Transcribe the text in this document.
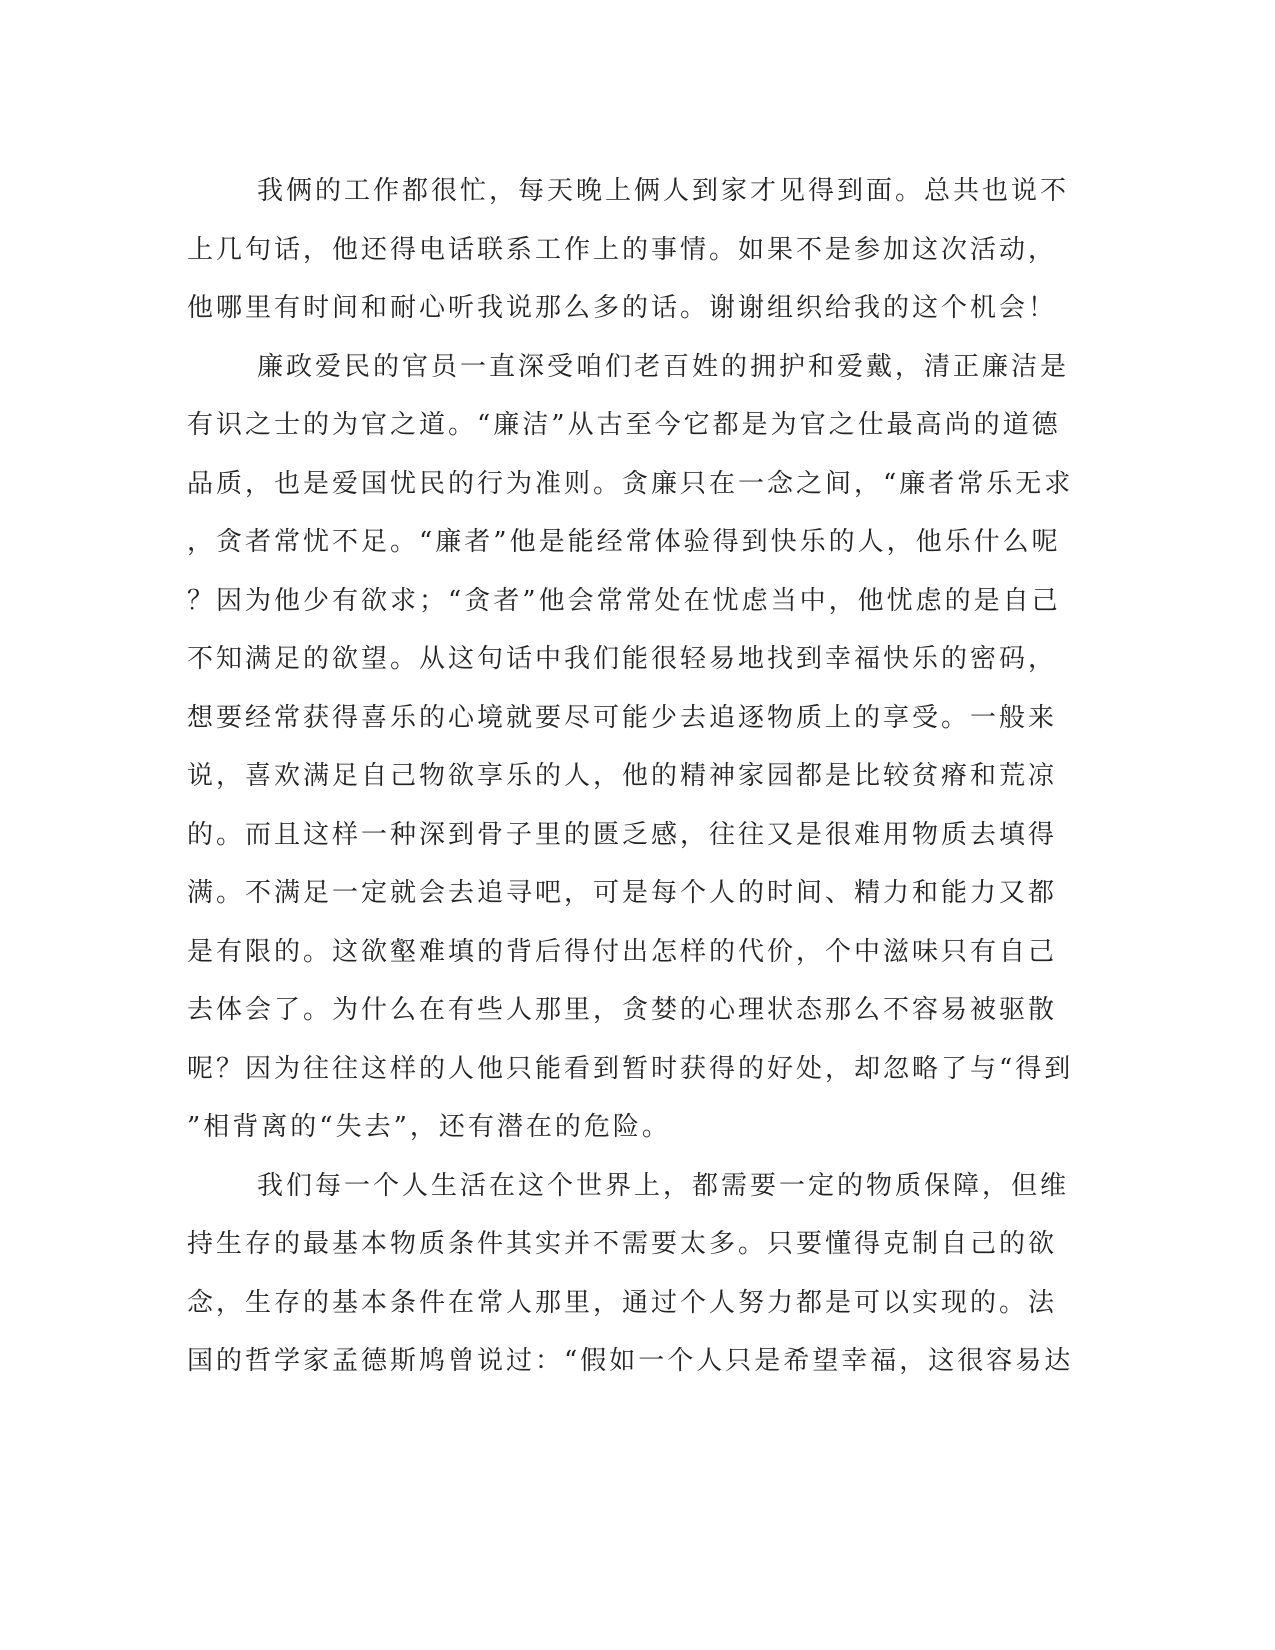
我俩的工作都很忙，每天晚上俩人到家才见得到面。总共也说不
上几句话，他还得电话联系工作上的事情。如果不是参加这次活动，
他哪里有时间和耐心听我说那么多的话。谢谢组织给我的这个机会！
廉政爱民的官员一直深受咱们老百姓的拥护和爱戴，清正廉洁是
有识之士的为官之道。“廉洁”从古至今它都是为官之仕最高尚的道德
品质，也是爱国忧民的行为准则。贪廉只在一念之间，“廉者常乐无求
，贪者常忧不足。“廉者”他是能经常体验得到快乐的人，他乐什么呢
？因为他少有欲求；“贪者”他会常常处在忧虑当中，他忧虑的是自己
不知满足的欲望。从这句话中我们能很轻易地找到幸福快乐的密码，
想要经常获得喜乐的心境就要尽可能少去追逐物质上的享受。一般来
说，喜欢满足自己物欲享乐的人，他的精神家园都是比较贫瘠和荒凉
的。而且这样一种深到骨子里的匮乏感，往往又是很难用物质去填得
满。不满足一定就会去追寻吧，可是每个人的时间、精力和能力又都
是有限的。这欲壑难填的背后得付出怎样的代价，个中滋味只有自己
去体会了。为什么在有些人那里，贪婪的心理状态那么不容易被驱散
呢？因为往往这样的人他只能看到暂时获得的好处，却忽略了与“得到
”相背离的“失去”，还有潜在的危险。
我们每一个人生活在这个世界上，都需要一定的物质保障，但维
持生存的最基本物质条件其实并不需要太多。只要懂得克制自己的欲
念，生存的基本条件在常人那里，通过个人努力都是可以实现的。法
国的哲学家孟德斯鸠曾说过：“假如一个人只是希望幸福，这很容易达
